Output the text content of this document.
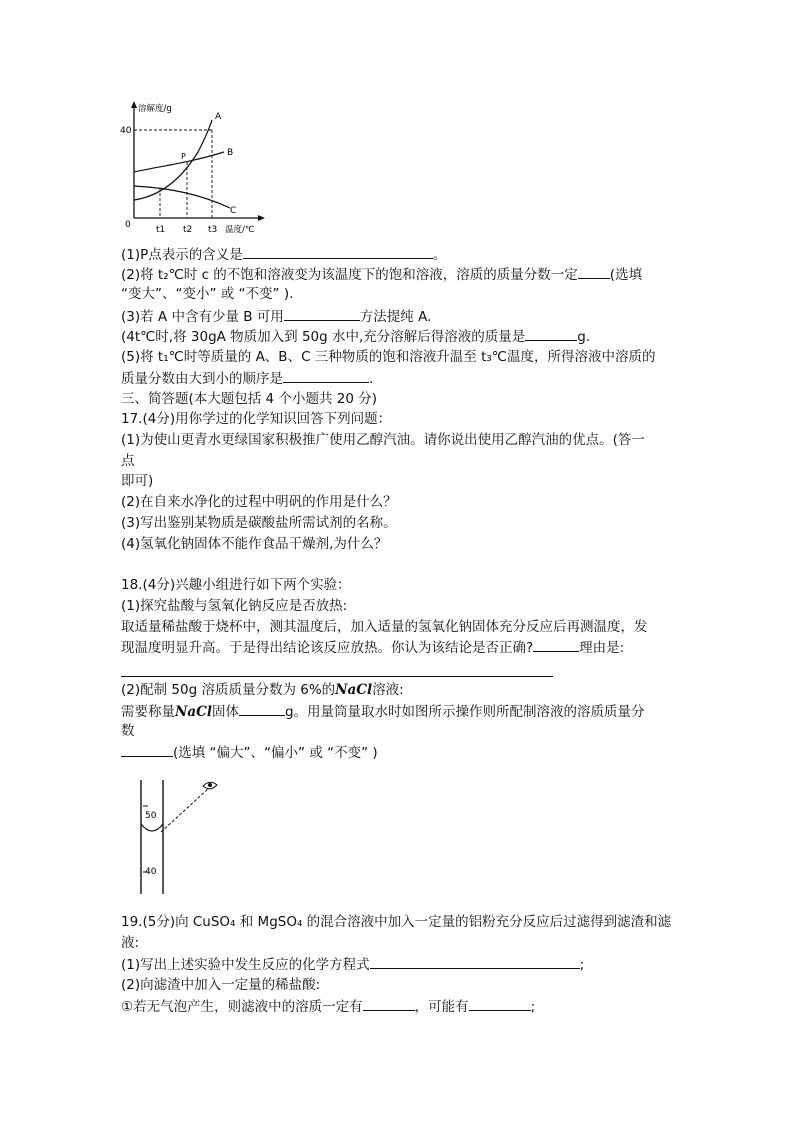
溶解度/g
40
0
A
B
C
P
t1 t2 t3 温度/℃
(1)P点表示的含义是	。
(2)将 t₂℃时 c 的不饱和溶液变为该温度下的饱和溶液，溶质的质量分数一定 (选填
“变大”、“变小” 或 “不变” ).
(3)若 A 中含有少量 B 可用	方法提纯 A.
(4t℃时,将 30gA 物质加入到 50g 水中,充分溶解后得溶液的质量是	g.
(5)将 t₁℃时等质量的 A、B、C 三种物质的饱和溶液升温至 t₃℃温度，所得溶液中溶质的
质量分数由大到小的顺序是	.
三、简答题(本大题包括 4 个小题共 20 分)
17.(4分)用你学过的化学知识回答下列问题：
(1)为使山更青水更绿国家积极推广使用乙醇汽油。请你说出使用乙醇汽油的优点。(答一
点
即可)
(2)在自来水净化的过程中明矾的作用是什么？
(3)写出鉴别某物质是碳酸盐所需试剂的名称。
(4)氢氧化钠固体不能作食品干燥剂,为什么？
18.(4分)兴趣小组进行如下两个实验：
(1)探究盐酸与氢氧化钠反应是否放热:
取适量稀盐酸于烧杯中，测其温度后，加入适量的氢氧化钠固体充分反应后再测温度，发
现温度明显升高。于是得出结论该反应放热。你认为该结论是否正确?	理由是:
(2)配制 50g 溶质质量分数为 6%的NaCl溶液:
需要称量NaCl固体	g。用量筒量取水时如图所示操作则所配制溶液的溶质质量分
数
(选填 “偏大”、“偏小” 或 “不变” )
50
40
19.(5分)向 CuSO₄ 和 MgSO₄ 的混合溶液中加入一定量的铝粉充分反应后过滤得到滤渣和滤
液:
(1)写出上述实验中发生反应的化学方程式	;
(2)向滤渣中加入一定量的稀盐酸:
①若无气泡产生，则滤液中的溶质一定有	，可能有	;
